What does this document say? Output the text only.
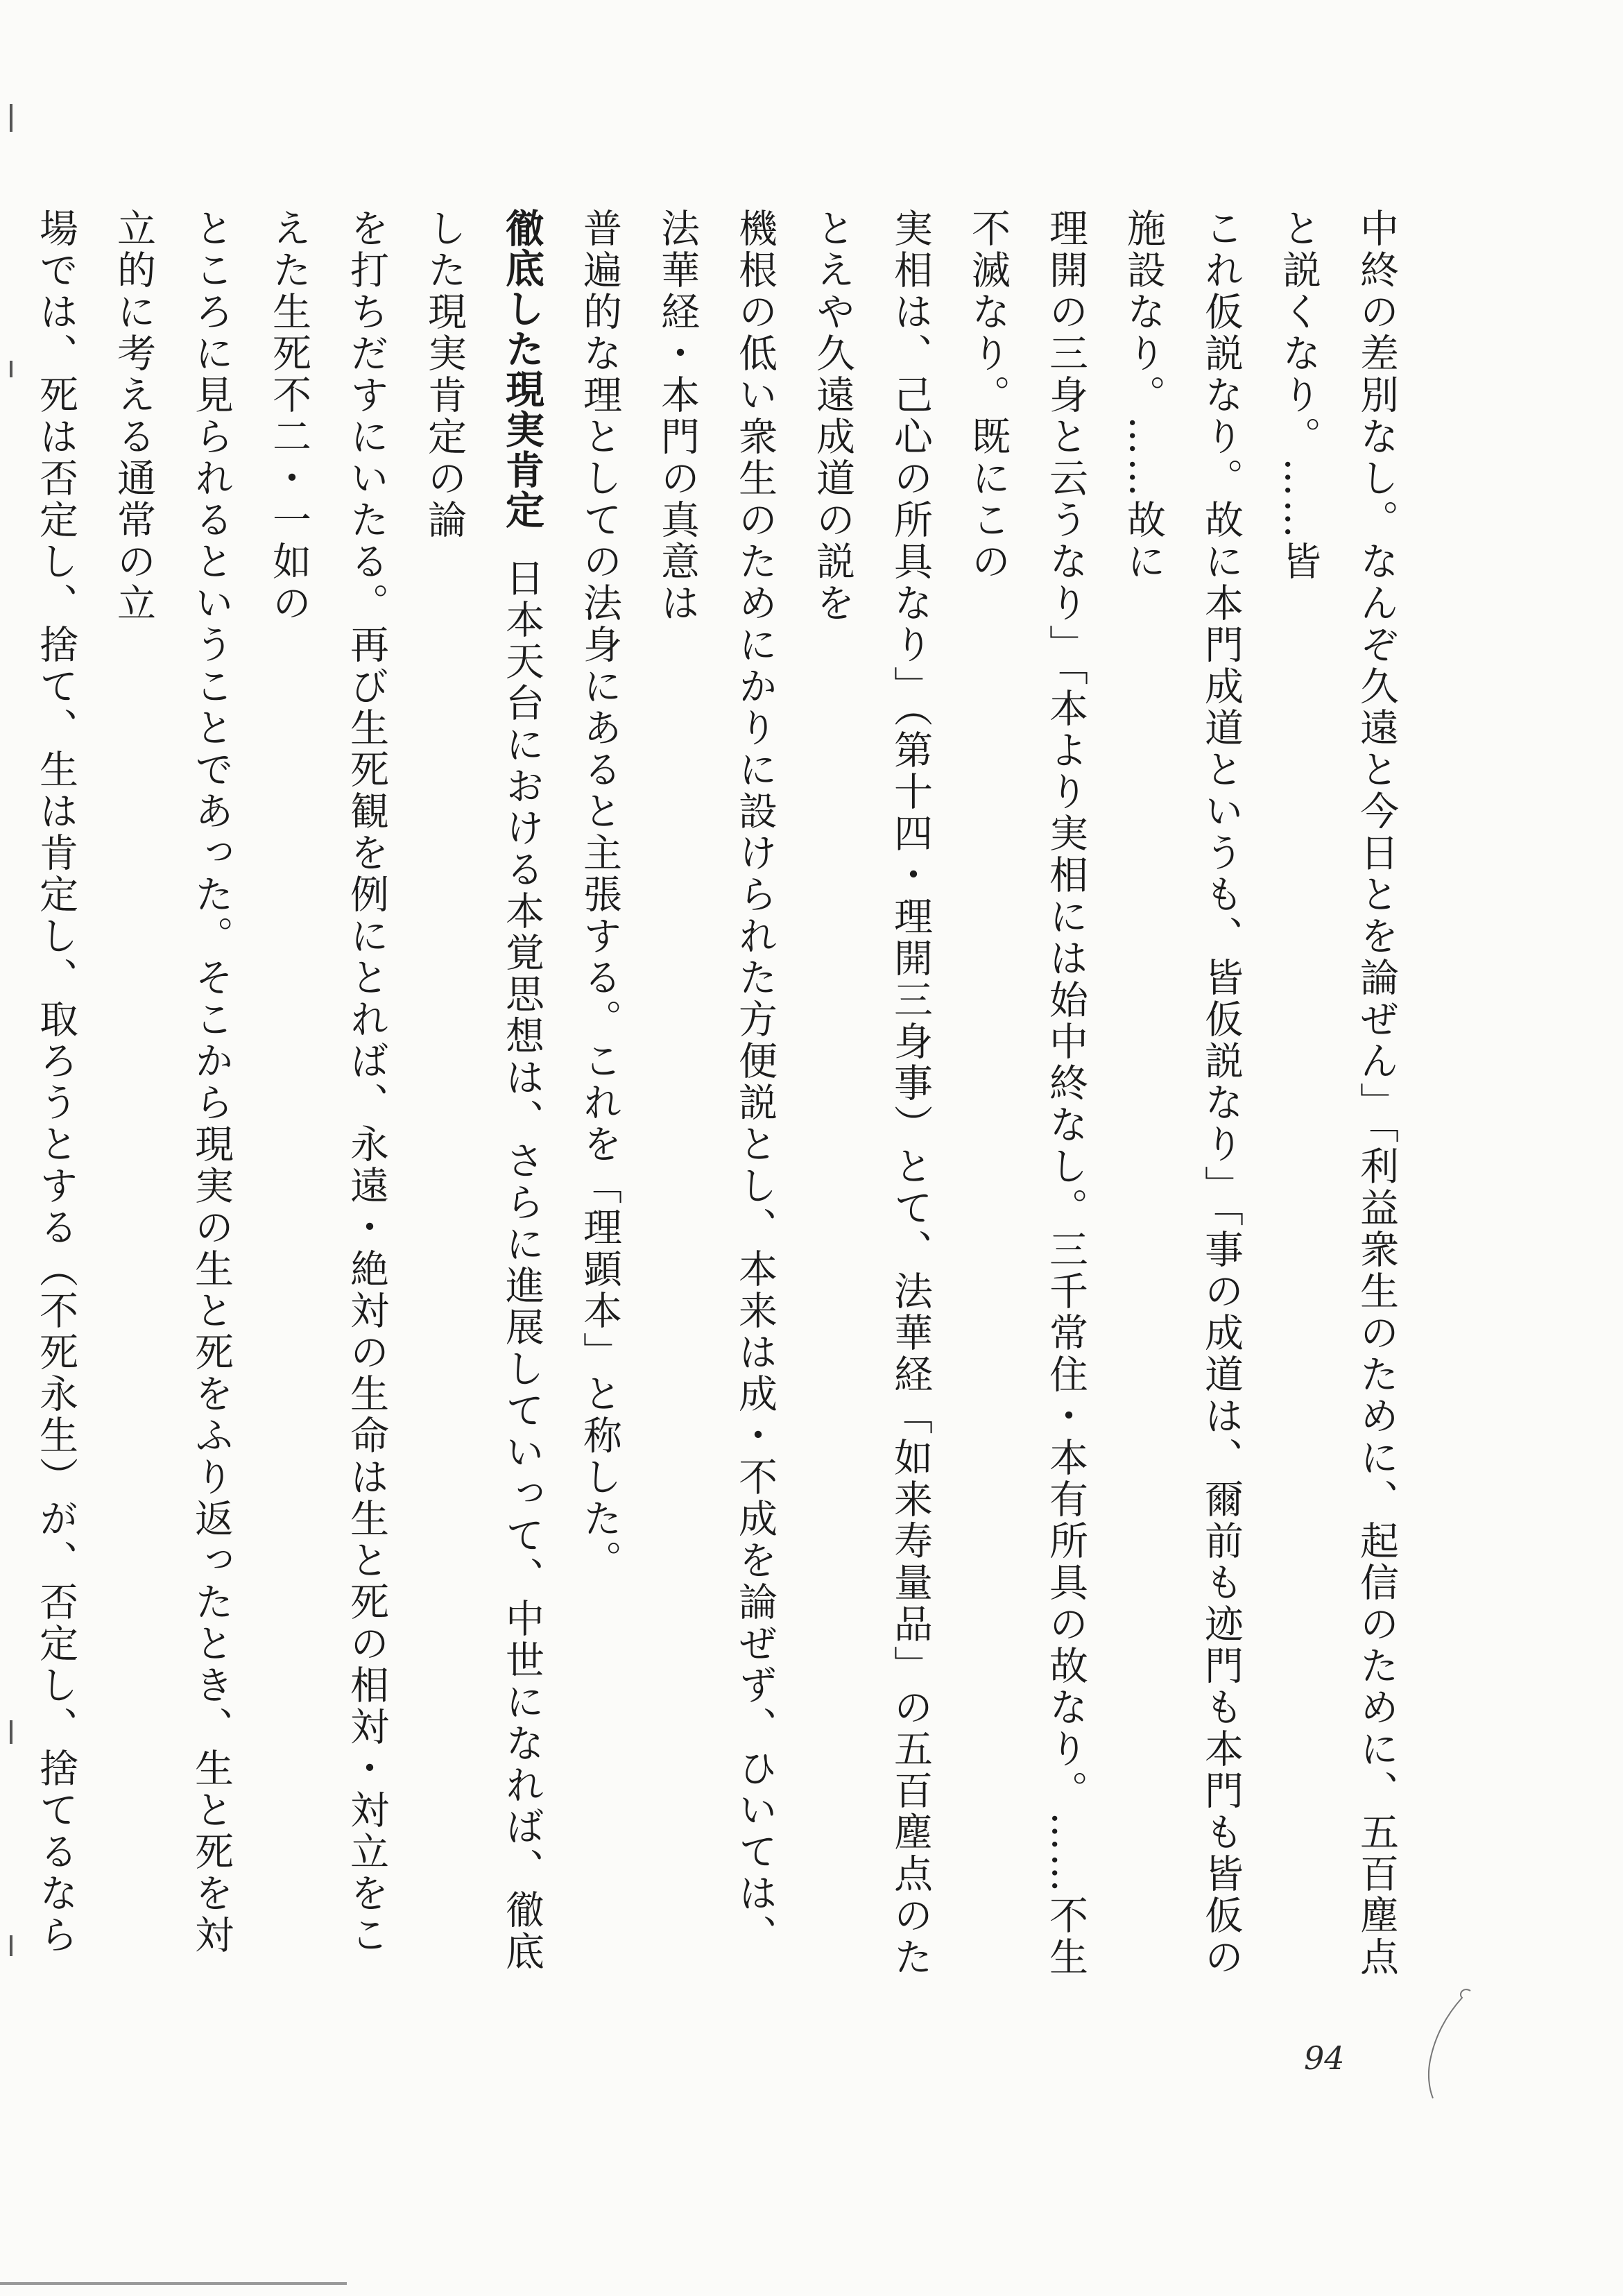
中終の差別なし。なんぞ久遠と今日とを論ぜん」「利益衆生のために、起信のために、五百塵点と説くなり。……皆
これ仮説なり。故に本門成道というも、皆仮説なり」「事の成道は、爾前も迹門も本門も皆仮の施設なり。……故に
理開の三身と云うなり」「本より実相には始中終なし。三千常住・本有所具の故なり。……不生不滅なり。既にこの
実相は、己心の所具なり」（第十四・理開三身事）とて、法華経「如来寿量品」の五百塵点のたとえや久遠成道の説を
機根の低い衆生のためにかりに設けられた方便説とし、本来は成・不成を論ぜず、ひいては、法華経・本門の真意は
普遍的な理としての法身にあると主張する。これを「理顕本」と称した。
徹底した現実肯定日本天台における本覚思想は、さらに進展していって、中世になれば、徹底した現実肯定の論
を打ちだすにいたる。再び生死観を例にとれば、永遠・絶対の生命は生と死の相対・対立をこえた生死不二・一如の
ところに見られるということであった。そこから現実の生と死をふり返ったとき、生と死を対立的に考える通常の立
場では、死は否定し、捨て、生は肯定し、取ろうとする（不死永生）が、否定し、捨てるなら
94
